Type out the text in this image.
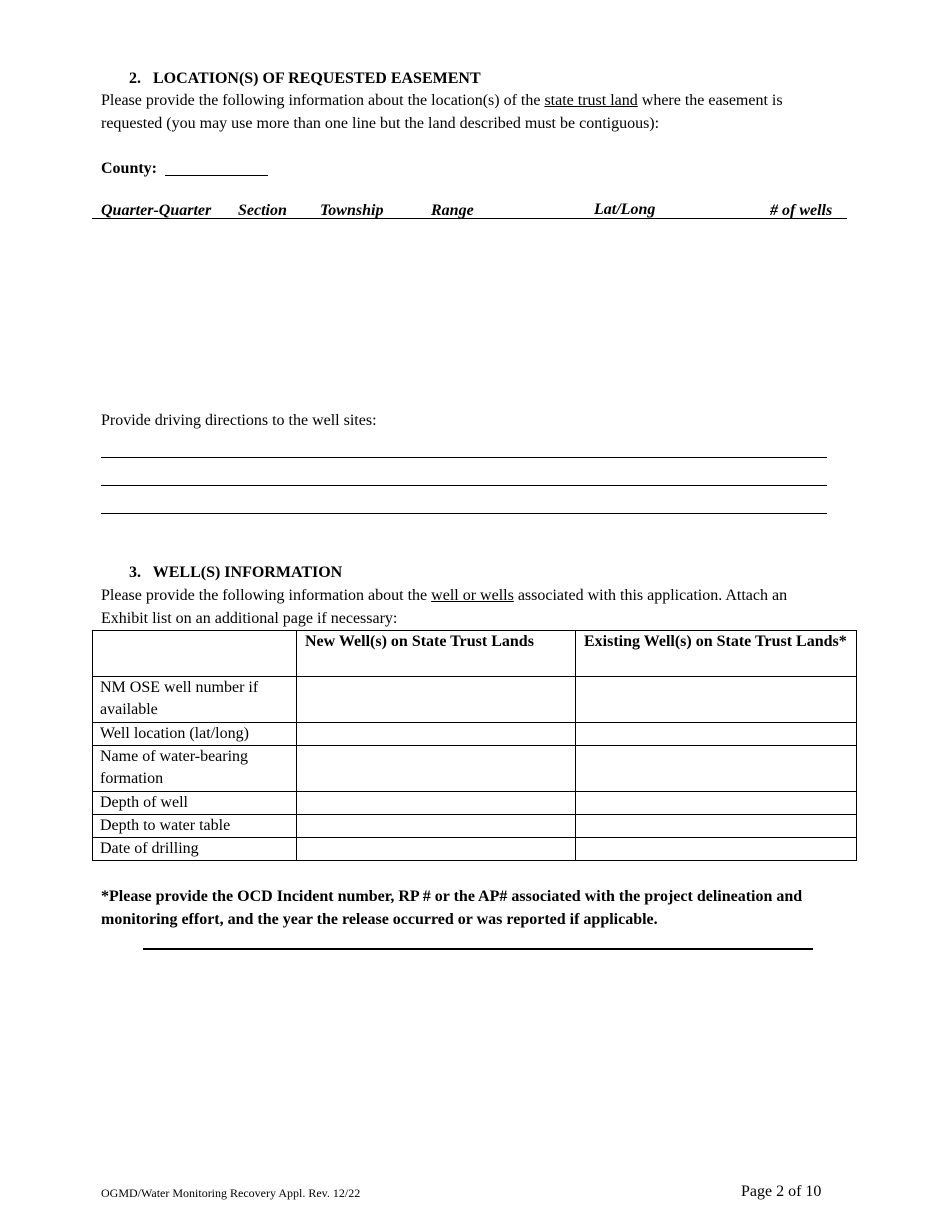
2. LOCATION(S) OF REQUESTED EASEMENT
Please provide the following information about the location(s) of the state trust land where the easement is
requested (you may use more than one line but the land described must be contiguous):
County:
Quarter-Quarter Section Township	Range	Lat/Long	# of wells
Provide driving directions to the well sites:
3. WELL(S) INFORMATION
Please provide the following information about the well or wells associated with this application. Attach an
Exhibit list on an additional page if necessary:
	New Well(s) on State Trust Lands	Existing Well(s) on State Trust Lands*
NM OSE well number if available		
Well location (lat/long)		
Name of water-bearing formation		
Depth of well		
Depth to water table		
Date of drilling		
*Please provide the OCD Incident number, RP # or the AP# associated with the project delineation and monitoring effort, and the year the release occurred or was reported if applicable.
OGMD/Water Monitoring Recovery Appl. Rev. 12/22	Page 2 of 10
